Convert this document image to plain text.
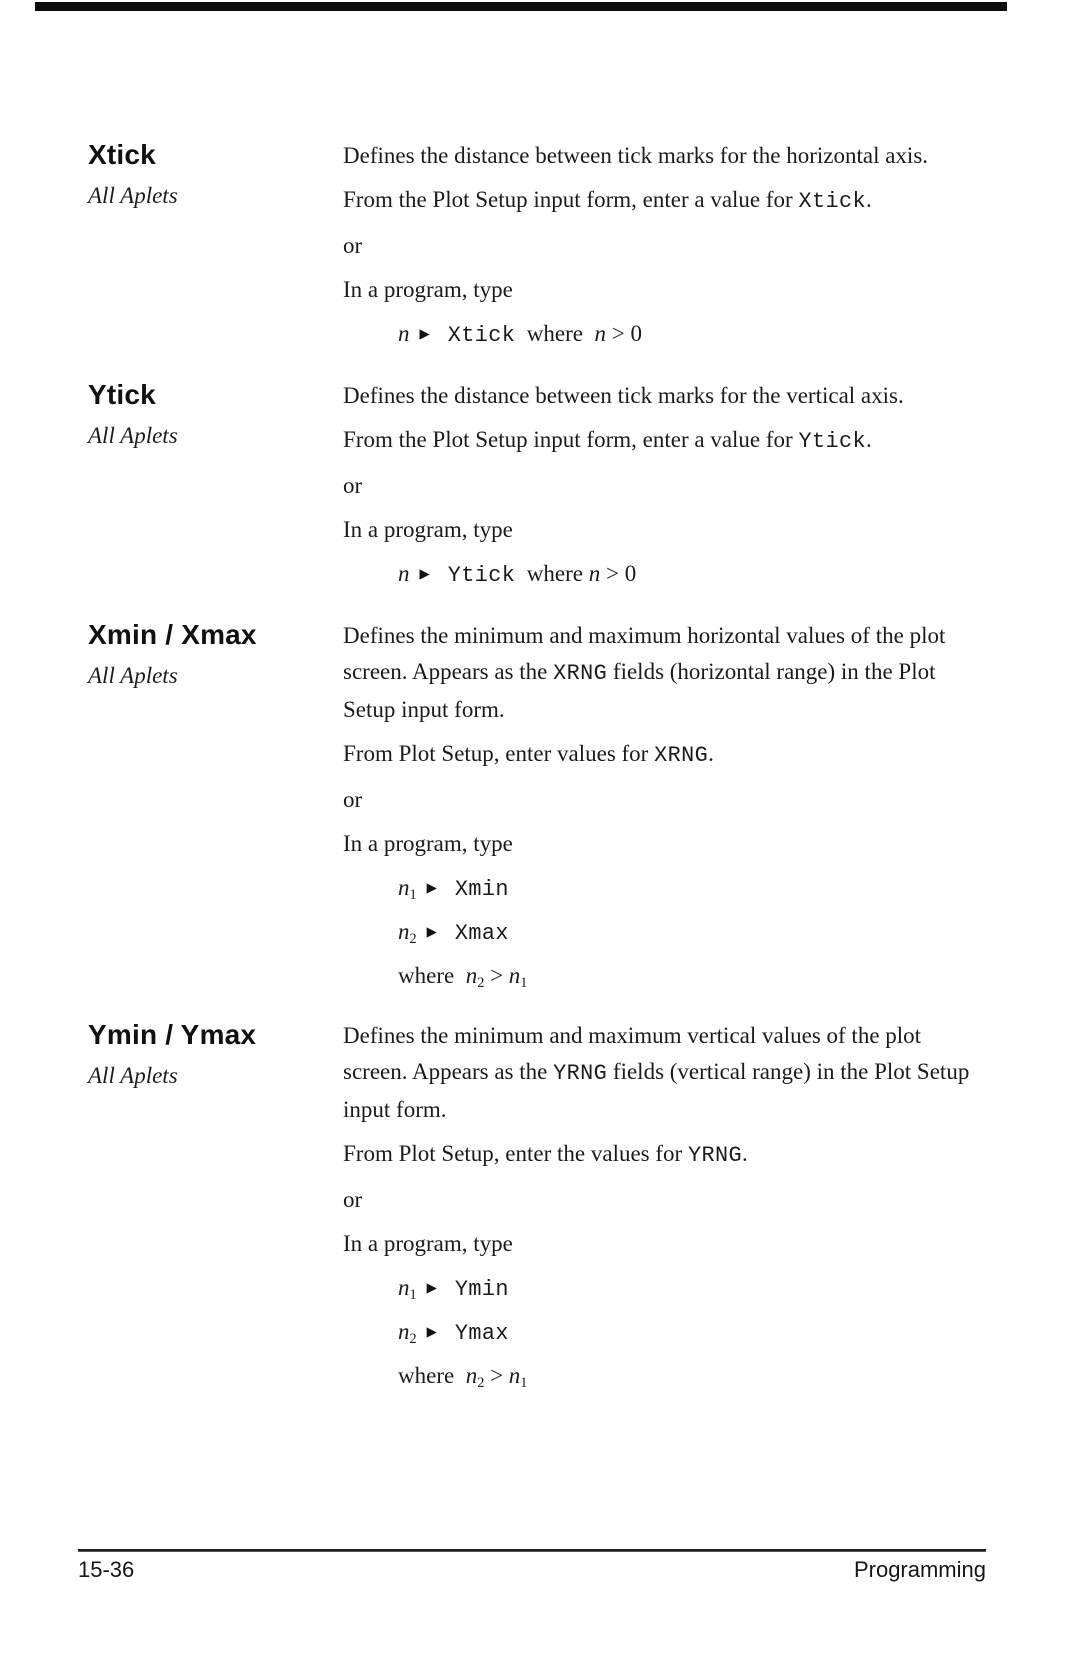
Xtick
All Aplets

Defines the distance between tick marks for the horizontal axis.

From the Plot Setup input form, enter a value for Xtick.

or

In a program, type

n ▶ Xtick  where  n > 0
Ytick
All Aplets

Defines the distance between tick marks for the vertical axis.

From the Plot Setup input form, enter a value for Ytick.

or

In a program, type

n ▶ Ytick  where n > 0
Xmin / Xmax
All Aplets

Defines the minimum and maximum horizontal values of the plot screen. Appears as the XRNG fields (horizontal range) in the Plot Setup input form.

From Plot Setup, enter values for XRNG.

or

In a program, type

$n_1$ ▶ Xmin
$n_2$ ▶ Xmax
where  $n_2 > n_1$
Ymin / Ymax
All Aplets

Defines the minimum and maximum vertical values of the plot screen. Appears as the YRNG fields (vertical range) in the Plot Setup input form.

From Plot Setup, enter the values for YRNG.

or

In a program, type

$n_1$ ▶ Ymin
$n_2$ ▶ Ymax
where  $n_2 > n_1$
15-36	Programming
